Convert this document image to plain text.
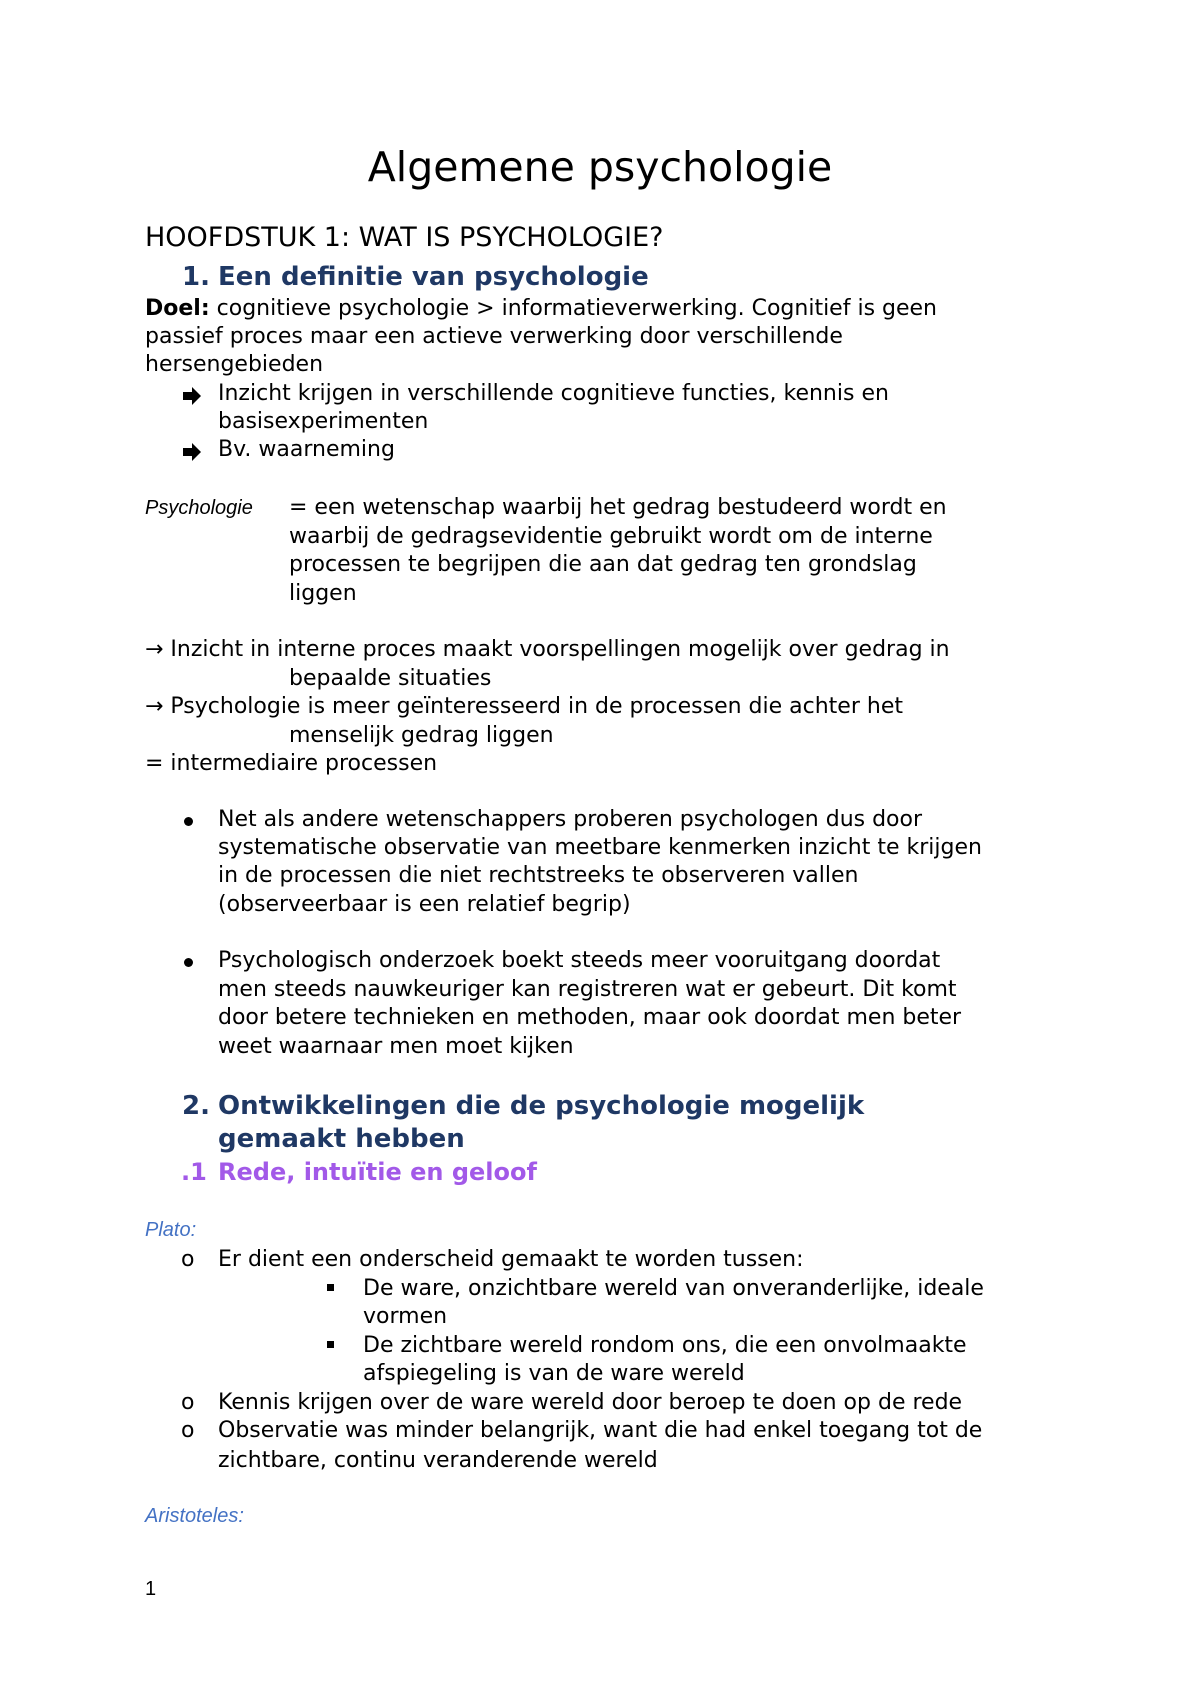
Algemene psychologie
HOOFDSTUK 1: WAT IS PSYCHOLOGIE?
1. Een definitie van psychologie
Doel: cognitieve psychologie > informatieverwerking. Cognitief is geen
passief proces maar een actieve verwerking door verschillende
hersengebieden
Inzicht krijgen in verschillende cognitieve functies, kennis en
basisexperimenten
Bv. waarneming
Psychologie = een wetenschap waarbij het gedrag bestudeerd wordt en
waarbij de gedragsevidentie gebruikt wordt om de interne
processen te begrijpen die aan dat gedrag ten grondslag
liggen
→ Inzicht in interne proces maakt voorspellingen mogelijk over gedrag in
bepaalde situaties
→ Psychologie is meer geïnteresseerd in de processen die achter het
menselijk gedrag liggen
= intermediaire processen
Net als andere wetenschappers proberen psychologen dus door
systematische observatie van meetbare kenmerken inzicht te krijgen
in de processen die niet rechtstreeks te observeren vallen
(observeerbaar is een relatief begrip)
Psychologisch onderzoek boekt steeds meer vooruitgang doordat
men steeds nauwkeuriger kan registreren wat er gebeurt. Dit komt
door betere technieken en methoden, maar ook doordat men beter
weet waarnaar men moet kijken
2. Ontwikkelingen die de psychologie mogelijk
gemaakt hebben
.1 Rede, intuïtie en geloof
Plato:
o Er dient een onderscheid gemaakt te worden tussen:
De ware, onzichtbare wereld van onveranderlijke, ideale
vormen
De zichtbare wereld rondom ons, die een onvolmaakte
afspiegeling is van de ware wereld
o Kennis krijgen over de ware wereld door beroep te doen op de rede
o Observatie was minder belangrijk, want die had enkel toegang tot de
zichtbare, continu veranderende wereld
Aristoteles:
1
